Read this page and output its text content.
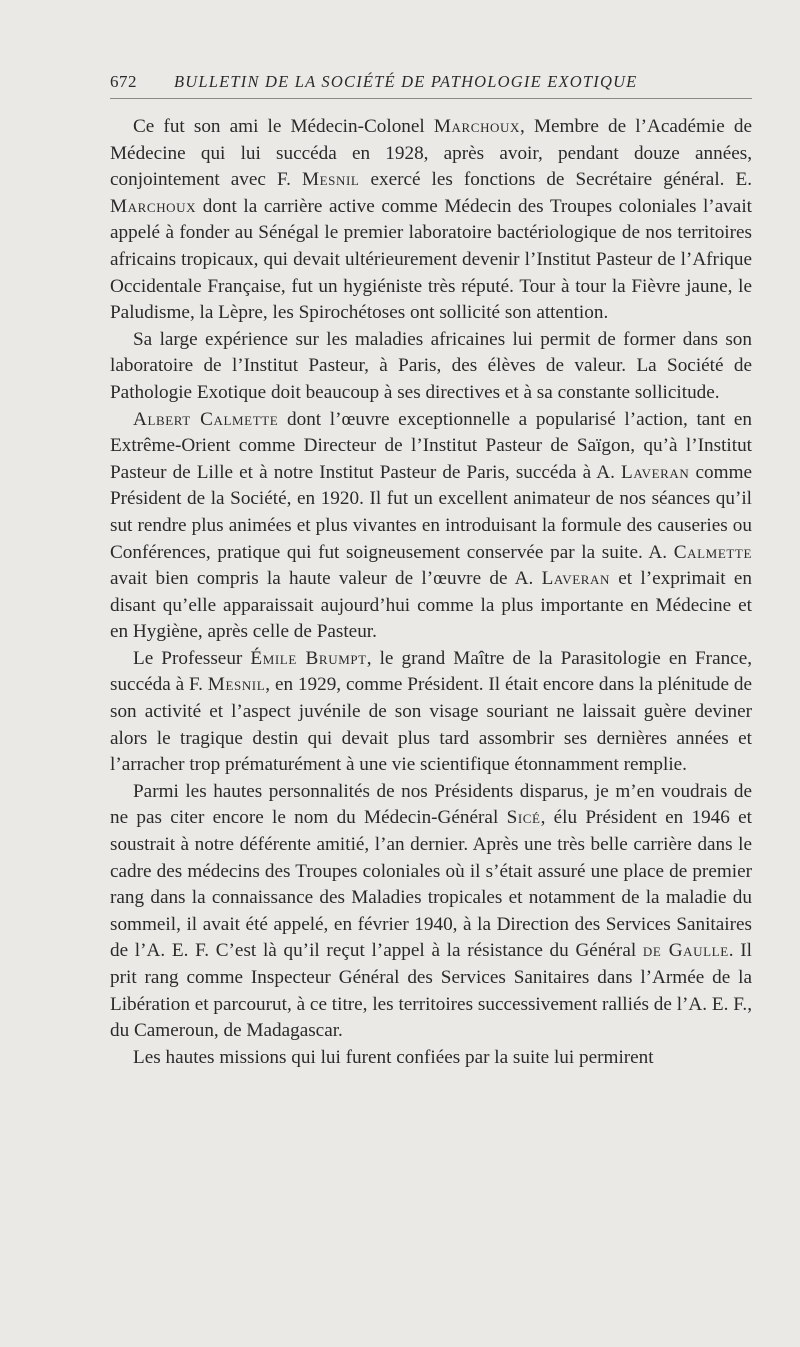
672 BULLETIN DE LA SOCIÉTÉ DE PATHOLOGIE EXOTIQUE

Ce fut son ami le Médecin-Colonel Marchoux, Membre de l’Académie de Médecine qui lui succéda en 1928, après avoir, pendant douze années, conjointement avec F. Mesnil exercé les fonctions de Secrétaire général. E. Marchoux dont la carrière active comme Médecin des Troupes coloniales l’avait appelé à fonder au Sénégal le premier laboratoire bactériologique de nos territoires africains tropicaux, qui devait ultérieurement devenir l’Institut Pasteur de l’Afrique Occidentale Française, fut un hygiéniste très réputé. Tour à tour la Fièvre jaune, le Paludisme, la Lèpre, les Spirochétoses ont sollicité son attention.

Sa large expérience sur les maladies africaines lui permit de former dans son laboratoire de l’Institut Pasteur, à Paris, des élèves de valeur. La Société de Pathologie Exotique doit beaucoup à ses directives et à sa constante sollicitude.

Albert Calmette dont l’œuvre exceptionnelle a popularisé l’action, tant en Extrême-Orient comme Directeur de l’Institut Pasteur de Saïgon, qu’à l’Institut Pasteur de Lille et à notre Institut Pasteur de Paris, succéda à A. Laveran comme Président de la Société, en 1920. Il fut un excellent animateur de nos séances qu’il sut rendre plus animées et plus vivantes en introduisant la formule des causeries ou Conférences, pratique qui fut soigneusement conservée par la suite. A. Calmette avait bien compris la haute valeur de l’œuvre de A. Laveran et l’exprimait en disant qu’elle apparaissait aujourd’hui comme la plus importante en Médecine et en Hygiène, après celle de Pasteur.

Le Professeur Émile Brumpt, le grand Maître de la Parasitologie en France, succéda à F. Mesnil, en 1929, comme Président. Il était encore dans la plénitude de son activité et l’aspect juvénile de son visage souriant ne laissait guère deviner alors le tragique destin qui devait plus tard assombrir ses dernières années et l’arracher trop prématurément à une vie scientifique étonnamment remplie.

Parmi les hautes personnalités de nos Présidents disparus, je m’en voudrais de ne pas citer encore le nom du Médecin-Général Sicé, élu Président en 1946 et soustrait à notre déférente amitié, l’an dernier. Après une très belle carrière dans le cadre des médecins des Troupes coloniales où il s’était assuré une place de premier rang dans la connaissance des Maladies tropicales et notamment de la maladie du sommeil, il avait été appelé, en février 1940, à la Direction des Services Sanitaires de l’A. E. F. C’est là qu’il reçut l’appel à la résistance du Général de Gaulle. Il prit rang comme Inspecteur Général des Services Sanitaires dans l’Armée de la Libération et parcourut, à ce titre, les territoires successivement ralliés de l’A. E. F., du Cameroun, de Madagascar.

Les hautes missions qui lui furent confiées par la suite lui permirent
